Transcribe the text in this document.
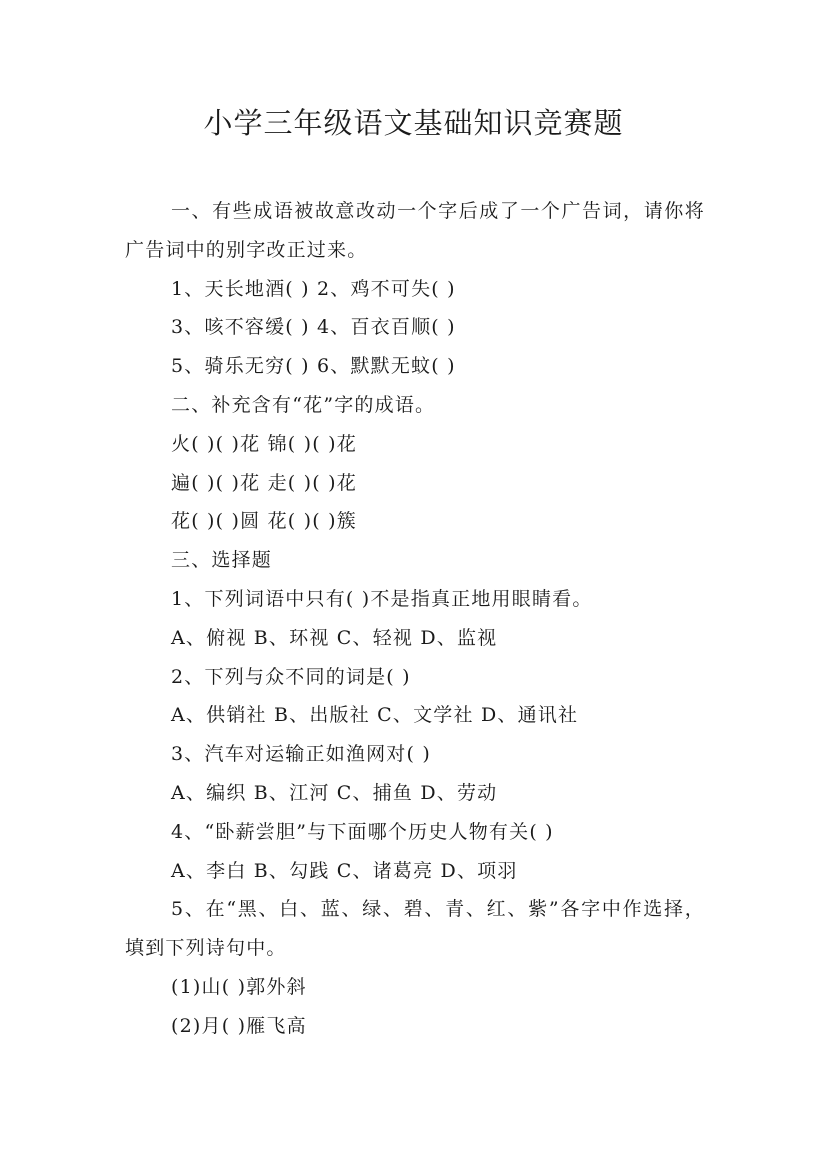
小学三年级语文基础知识竞赛题
一、有些成语被故意改动一个字后成了一个广告词，请你将广告词中的别字改正过来。
1、天长地酒( ) 2、鸡不可失( )
3、咳不容缓( ) 4、百衣百顺( )
5、骑乐无穷( ) 6、默默无蚊( )
二、补充含有“花”字的成语。
火( )( )花 锦( )( )花
遍( )( )花 走( )( )花
花( )( )圆 花( )( )簇
三、选择题
1、下列词语中只有( )不是指真正地用眼睛看。
A、俯视 B、环视 C、轻视 D、监视
2、下列与众不同的词是( )
A、供销社 B、出版社 C、文学社 D、通讯社
3、汽车对运输正如渔网对( )
A、编织 B、江河 C、捕鱼 D、劳动
4、“卧薪尝胆”与下面哪个历史人物有关( )
A、李白 B、勾践 C、诸葛亮 D、项羽
5、在“黑、白、蓝、绿、碧、青、红、紫”各字中作选择，填到下列诗句中。
(1)山( )郭外斜
(2)月( )雁飞高
